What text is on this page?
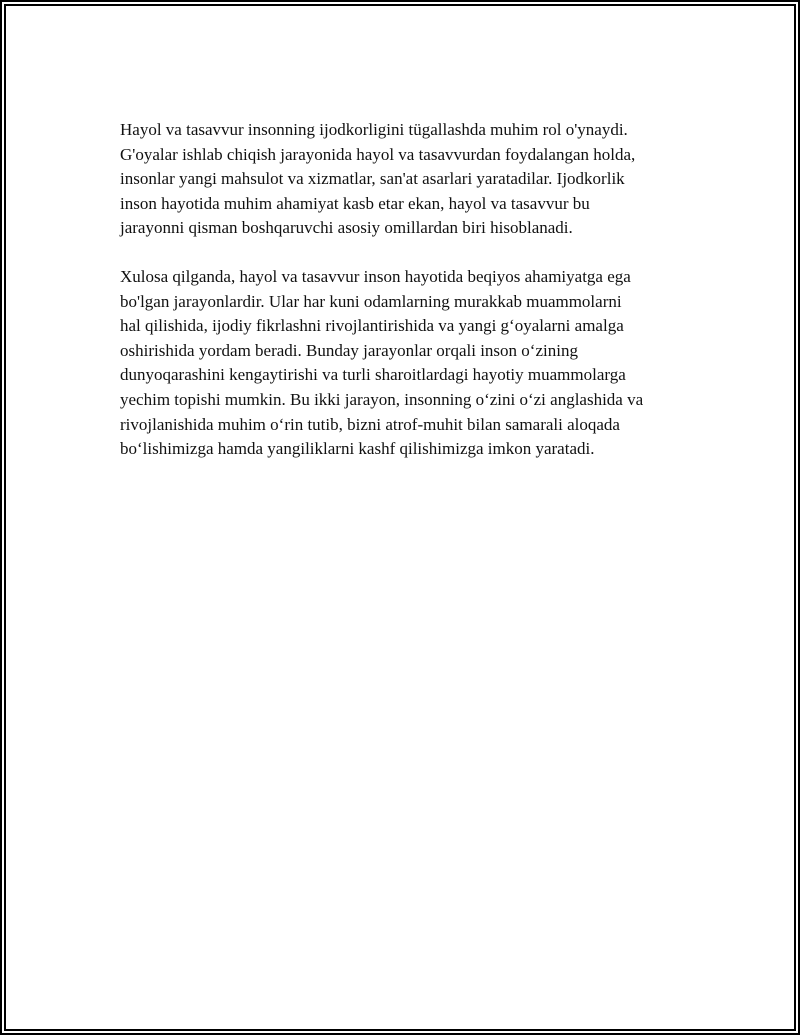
Hayol va tasavvur insonning ijodkorligini tügallashda muhim rol o'ynaydi.
G'oyalar ishlab chiqish jarayonida hayol va tasavvurdan foydalangan holda,
insonlar yangi mahsulot va xizmatlar, san'at asarlari yaratadilar. Ijodkorlik
inson hayotida muhim ahamiyat kasb etar ekan, hayol va tasavvur bu
jarayonni qisman boshqaruvchi asosiy omillardan biri hisoblanadi.

Xulosa qilganda, hayol va tasavvur inson hayotida beqiyos ahamiyatga ega
bo'lgan jarayonlardir. Ular har kuni odamlarning murakkab muammolarni
hal qilishida, ijodiy fikrlashni rivojlantirishida va yangi g‘oyalarni amalga
oshirishida yordam beradi. Bunday jarayonlar orqali inson o‘zining
dunyoqarashini kengaytirishi va turli sharoitlardagi hayotiy muammolarga
yechim topishi mumkin. Bu ikki jarayon, insonning o‘zini o‘zi anglashida va
rivojlanishida muhim o‘rin tutib, bizni atrof-muhit bilan samarali aloqada
bo‘lishimizga hamda yangiliklarni kashf qilishimizga imkon yaratadi.
